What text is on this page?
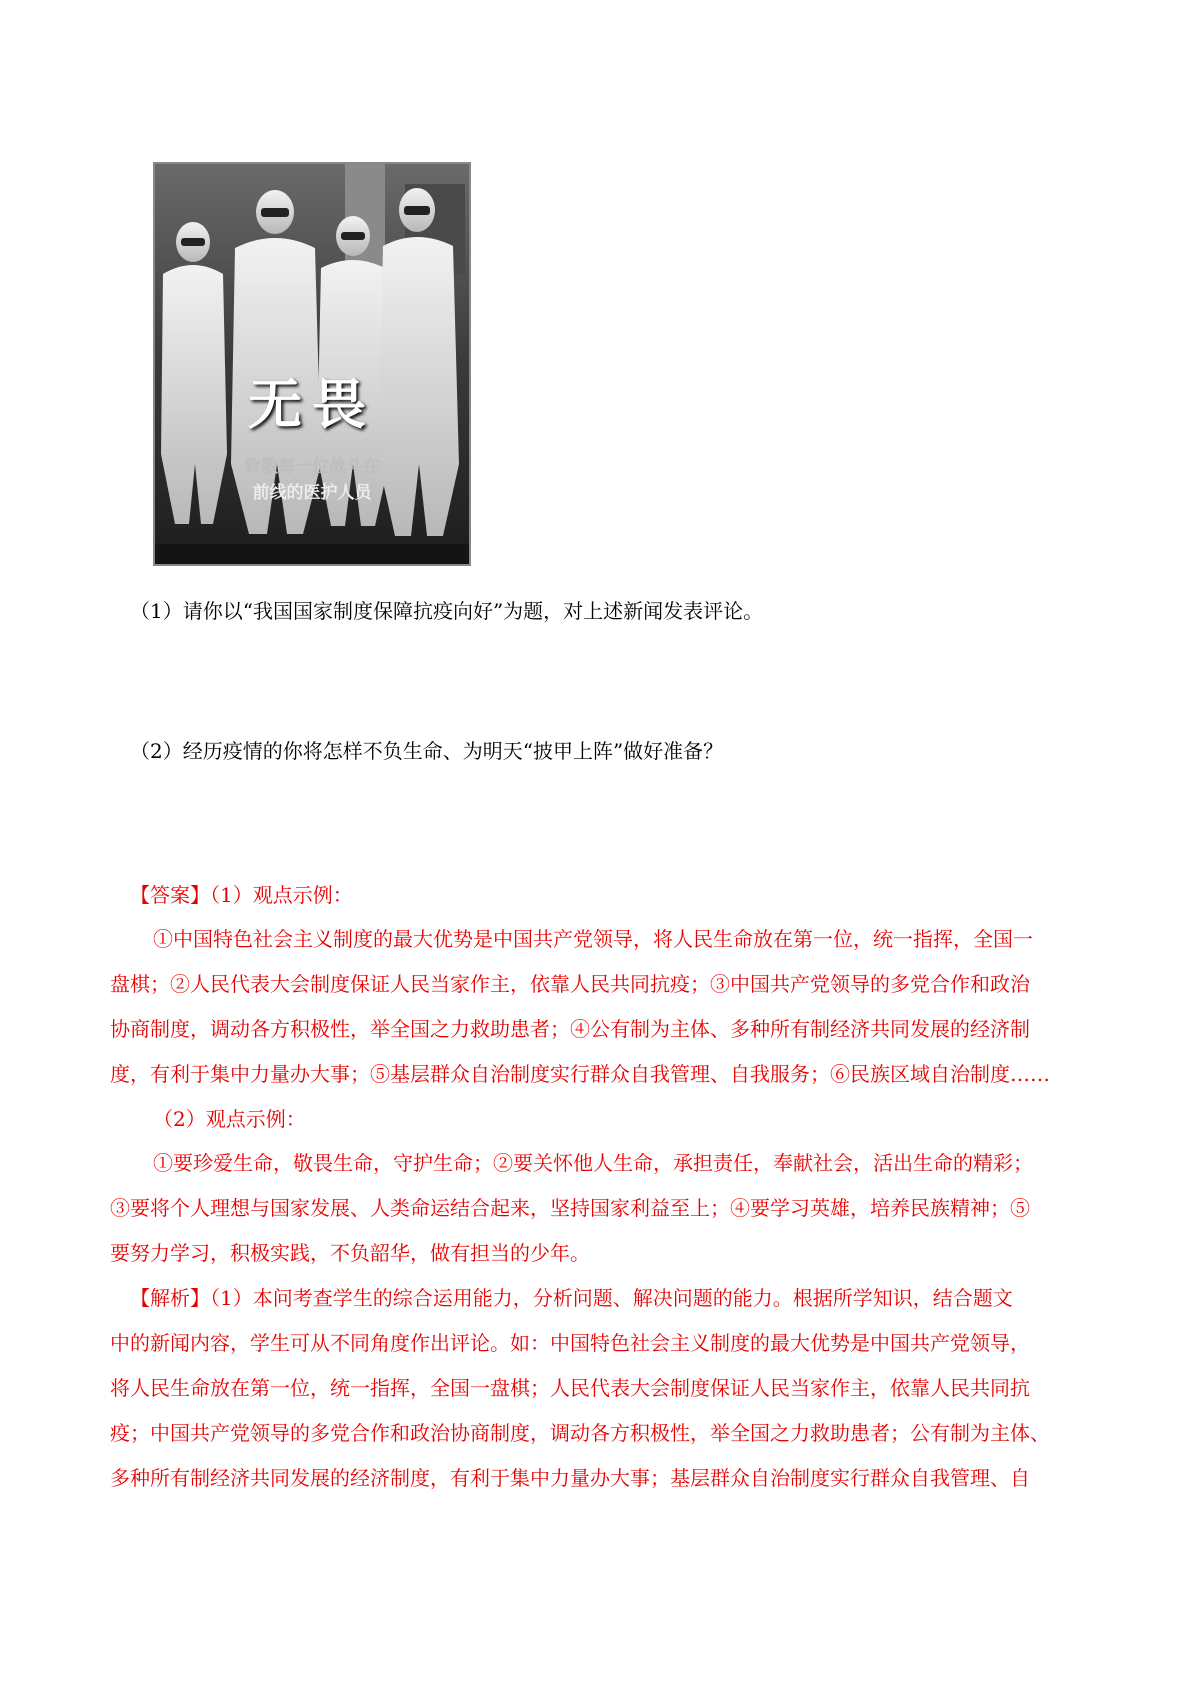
无畏
致敬每一位战斗在
前线的医护人员
（1）请你以“我国国家制度保障抗疫向好”为题，对上述新闻发表评论。
（2）经历疫情的你将怎样不负生命、为明天“披甲上阵”做好准备？
【答案】（1）观点示例：
①中国特色社会主义制度的最大优势是中国共产党领导，将人民生命放在第一位，统一指挥，全国一
盘棋；②人民代表大会制度保证人民当家作主，依靠人民共同抗疫；③中国共产党领导的多党合作和政治
协商制度，调动各方积极性，举全国之力救助患者；④公有制为主体、多种所有制经济共同发展的经济制
度，有利于集中力量办大事；⑤基层群众自治制度实行群众自我管理、自我服务；⑥民族区域自治制度……
（2）观点示例：
①要珍爱生命，敬畏生命，守护生命；②要关怀他人生命，承担责任，奉献社会，活出生命的精彩；
③要将个人理想与国家发展、人类命运结合起来，坚持国家利益至上；④要学习英雄，培养民族精神；⑤
要努力学习，积极实践，不负韶华，做有担当的少年。
【解析】（1）本问考查学生的综合运用能力，分析问题、解决问题的能力。根据所学知识，结合题文
中的新闻内容，学生可从不同角度作出评论。如：中国特色社会主义制度的最大优势是中国共产党领导，
将人民生命放在第一位，统一指挥，全国一盘棋；人民代表大会制度保证人民当家作主，依靠人民共同抗
疫；中国共产党领导的多党合作和政治协商制度，调动各方积极性，举全国之力救助患者；公有制为主体、
多种所有制经济共同发展的经济制度，有利于集中力量办大事；基层群众自治制度实行群众自我管理、自
